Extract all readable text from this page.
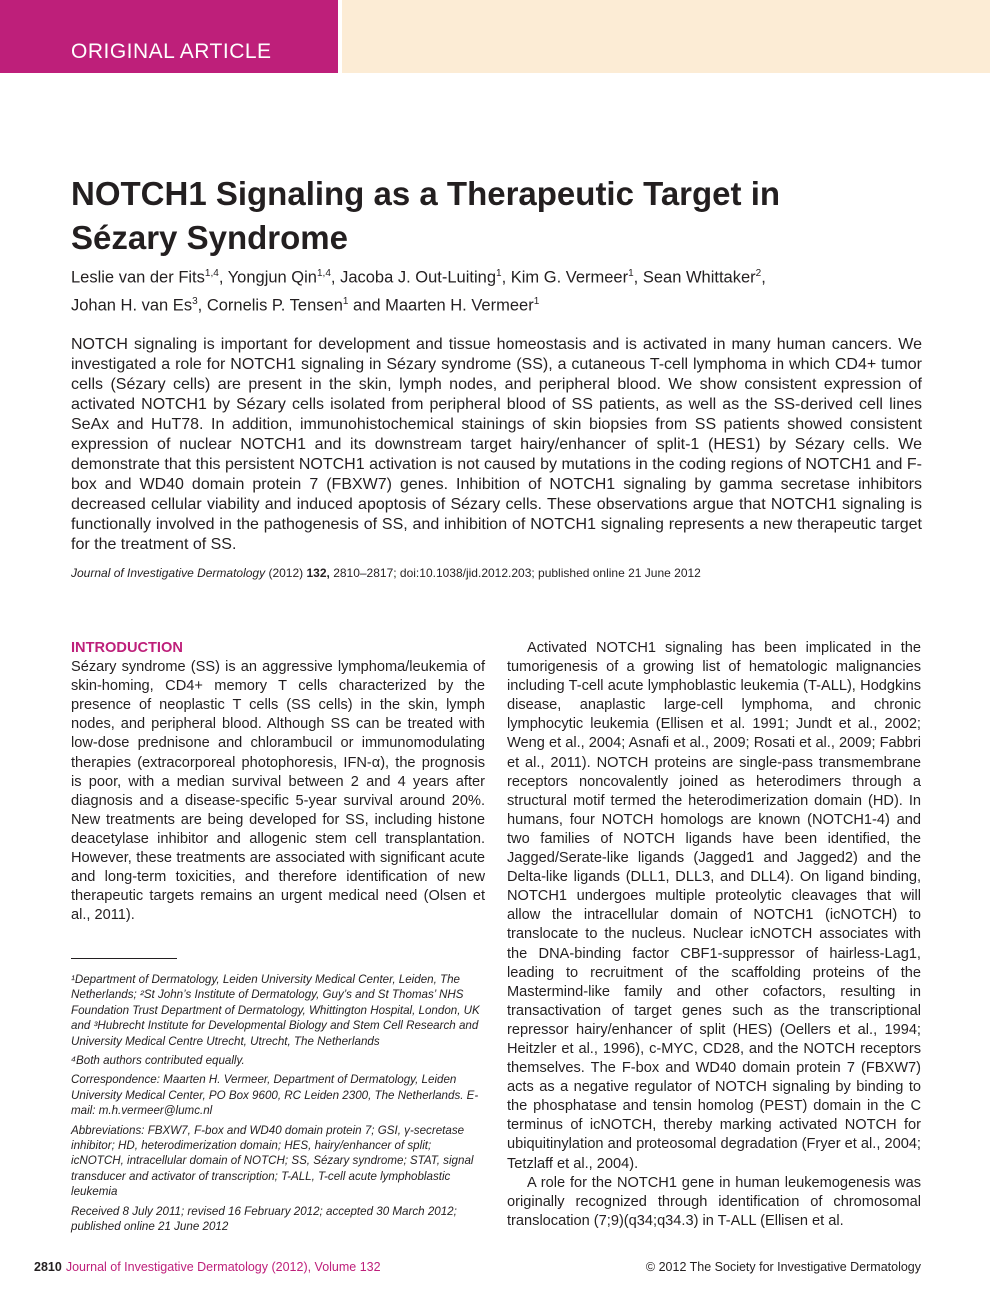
ORIGINAL ARTICLE
NOTCH1 Signaling as a Therapeutic Target in Sézary Syndrome

Leslie van der Fits$^{1,4}$, Yongjun Qin$^{1,4}$, Jacoba J. Out-Luiting$^1$, Kim G. Vermeer$^1$, Sean Whittaker$^2$,
Johan H. van Es$^3$, Cornelis P. Tensen$^1$ and Maarten H. Vermeer$^1$

NOTCH signaling is important for development and tissue homeostasis and is activated in many human cancers. We investigated a role for NOTCH1 signaling in Sézary syndrome (SS), a cutaneous T-cell lymphoma in which CD4+ tumor cells (Sézary cells) are present in the skin, lymph nodes, and peripheral blood. We show consistent expression of activated NOTCH1 by Sézary cells isolated from peripheral blood of SS patients, as well as the SS-derived cell lines SeAx and HuT78. In addition, immunohistochemical stainings of skin biopsies from SS patients showed consistent expression of nuclear NOTCH1 and its downstream target hairy/enhancer of split-1 (HES1) by Sézary cells. We demonstrate that this persistent NOTCH1 activation is not caused by mutations in the coding regions of NOTCH1 and F-box and WD40 domain protein 7 (FBXW7) genes. Inhibition of NOTCH1 signaling by gamma secretase inhibitors decreased cellular viability and induced apoptosis of Sézary cells. These observations argue that NOTCH1 signaling is functionally involved in the pathogenesis of SS, and inhibition of NOTCH1 signaling represents a new therapeutic target for the treatment of SS.

Journal of Investigative Dermatology (2012) 132, 2810–2817; doi:10.1038/jid.2012.203; published online 21 June 2012

INTRODUCTION

Sézary syndrome (SS) is an aggressive lymphoma/leukemia of skin-homing, CD4+ memory T cells characterized by the presence of neoplastic T cells (SS cells) in the skin, lymph nodes, and peripheral blood. Although SS can be treated with low-dose prednisone and chlorambucil or immunomodulating therapies (extracorporeal photophoresis, IFN-α), the prognosis is poor, with a median survival between 2 and 4 years after diagnosis and a disease-specific 5-year survival around 20%. New treatments are being developed for SS, including histone deacetylase inhibitor and allogenic stem cell transplantation. However, these treatments are associated with significant acute and long-term toxicities, and therefore identification of new therapeutic targets remains an urgent medical need (Olsen et al., 2011).

Activated NOTCH1 signaling has been implicated in the tumorigenesis of a growing list of hematologic malignancies including T-cell acute lymphoblastic leukemia (T-ALL), Hodgkins disease, anaplastic large-cell lymphoma, and chronic lymphocytic leukemia (Ellisen et al. 1991; Jundt et al., 2002; Weng et al., 2004; Asnafi et al., 2009; Rosati et al., 2009; Fabbri et al., 2011). NOTCH proteins are single-pass transmembrane receptors noncovalently joined as heterodimers through a structural motif termed the heterodimerization domain (HD). In humans, four NOTCH homologs are known (NOTCH1-4) and two families of NOTCH ligands have been identified, the Jagged/Serate-like ligands (Jagged1 and Jagged2) and the Delta-like ligands (DLL1, DLL3, and DLL4). On ligand binding, NOTCH1 undergoes multiple proteolytic cleavages that will allow the intracellular domain of NOTCH1 (icNOTCH) to translocate to the nucleus. Nuclear icNOTCH associates with the DNA-binding factor CBF1-suppressor of hairless-Lag1, leading to recruitment of the scaffolding proteins of the Mastermind-like family and other cofactors, resulting in transactivation of target genes such as the transcriptional repressor hairy/enhancer of split (HES) (Oellers et al., 1994; Heitzler et al., 1996), c-MYC, CD28, and the NOTCH receptors themselves. The F-box and WD40 domain protein 7 (FBXW7) acts as a negative regulator of NOTCH signaling by binding to the phosphatase and tensin homolog (PEST) domain in the C terminus of icNOTCH, thereby marking activated NOTCH for ubiquitinylation and proteosomal degradation (Fryer et al., 2004; Tetzlaff et al., 2004).

A role for the NOTCH1 gene in human leukemogenesis was originally recognized through identification of chromosomal translocation (7;9)(q34;q34.3) in T-ALL (Ellisen et al.

¹Department of Dermatology, Leiden University Medical Center, Leiden, The Netherlands; ²St John’s Institute of Dermatology, Guy’s and St Thomas’ NHS Foundation Trust Department of Dermatology, Whittington Hospital, London, UK and ³Hubrecht Institute for Developmental Biology and Stem Cell Research and University Medical Centre Utrecht, Utrecht, The Netherlands

⁴Both authors contributed equally.

Correspondence: Maarten H. Vermeer, Department of Dermatology, Leiden University Medical Center, PO Box 9600, RC Leiden 2300, The Netherlands. E-mail: m.h.vermeer@lumc.nl

Abbreviations: FBXW7, F-box and WD40 domain protein 7; GSI, γ-secretase inhibitor; HD, heterodimerization domain; HES, hairy/enhancer of split; icNOTCH, intracellular domain of NOTCH; SS, Sézary syndrome; STAT, signal transducer and activator of transcription; T-ALL, T-cell acute lymphoblastic leukemia

Received 8 July 2011; revised 16 February 2012; accepted 30 March 2012; published online 21 June 2012

2810 Journal of Investigative Dermatology (2012), Volume 132	© 2012 The Society for Investigative Dermatology
